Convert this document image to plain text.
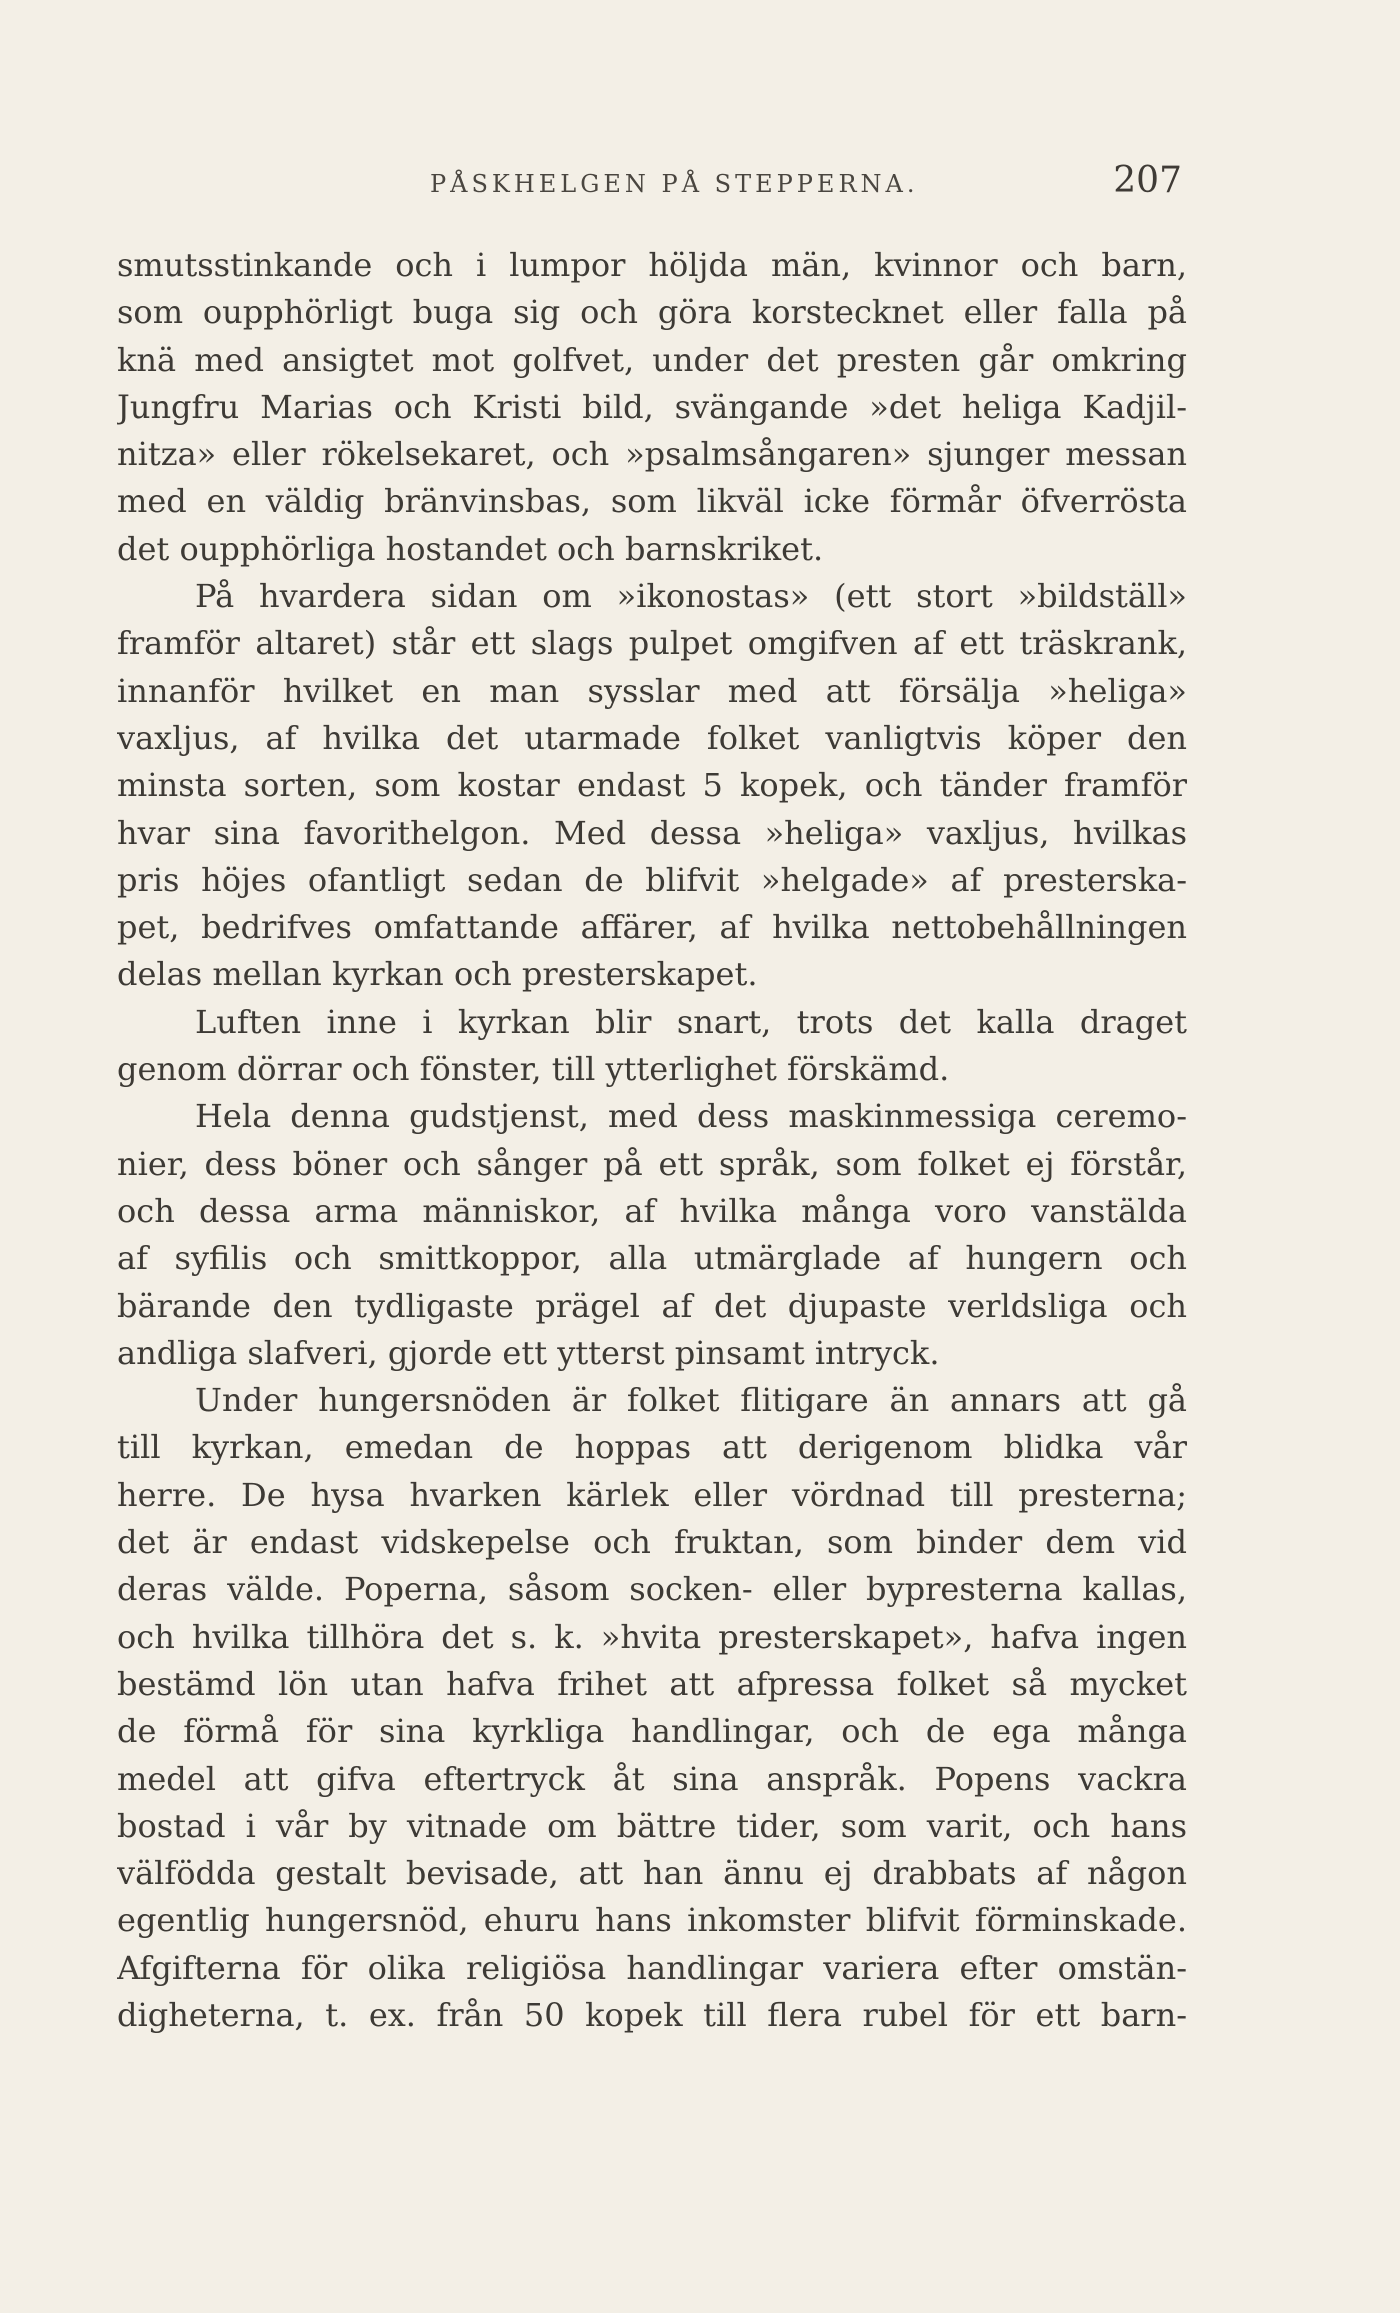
PÅSKHELGEN PÅ STEPPERNA.	207
smutsstinkande och i lumpor höljda män, kvinnor och barn,
som oupphörligt buga sig och göra korstecknet eller falla på
knä med ansigtet mot golfvet, under det presten går omkring
Jungfru Marias och Kristi bild, svängande »det heliga Kadjil-
nitza» eller rökelsekaret, och »psalmsångaren» sjunger messan
med en väldig bränvinsbas, som likväl icke förmår öfverrösta
det oupphörliga hostandet och barnskriket.
På hvardera sidan om »ikonostas» (ett stort »bildställ»
framför altaret) står ett slags pulpet omgifven af ett träskrank,
innanför hvilket en man sysslar med att försälja »heliga»
vaxljus, af hvilka det utarmade folket vanligtvis köper den
minsta sorten, som kostar endast 5 kopek, och tänder framför
hvar sina favorithelgon. Med dessa »heliga» vaxljus, hvilkas
pris höjes ofantligt sedan de blifvit »helgade» af presterska-
pet, bedrifves omfattande affärer, af hvilka nettobehållningen
delas mellan kyrkan och presterskapet.
Luften inne i kyrkan blir snart, trots det kalla draget
genom dörrar och fönster, till ytterlighet förskämd.
Hela denna gudstjenst, med dess maskinmessiga ceremo-
nier, dess böner och sånger på ett språk, som folket ej förstår,
och dessa arma människor, af hvilka många voro vanstälda
af syfilis och smittkoppor, alla utmärglade af hungern och
bärande den tydligaste prägel af det djupaste verldsliga och
andliga slafveri, gjorde ett ytterst pinsamt intryck.
Under hungersnöden är folket flitigare än annars att gå
till kyrkan, emedan de hoppas att derigenom blidka vår
herre. De hysa hvarken kärlek eller vördnad till presterna;
det är endast vidskepelse och fruktan, som binder dem vid
deras välde. Poperna, såsom socken- eller bypresterna kallas,
och hvilka tillhöra det s. k. »hvita presterskapet», hafva ingen
bestämd lön utan hafva frihet att afpressa folket så mycket
de förmå för sina kyrkliga handlingar, och de ega många
medel att gifva eftertryck åt sina anspråk. Popens vackra
bostad i vår by vitnade om bättre tider, som varit, och hans
välfödda gestalt bevisade, att han ännu ej drabbats af någon
egentlig hungersnöd, ehuru hans inkomster blifvit förminskade.
Afgifterna för olika religiösa handlingar variera efter omstän-
digheterna, t. ex. från 50 kopek till flera rubel för ett barn-
